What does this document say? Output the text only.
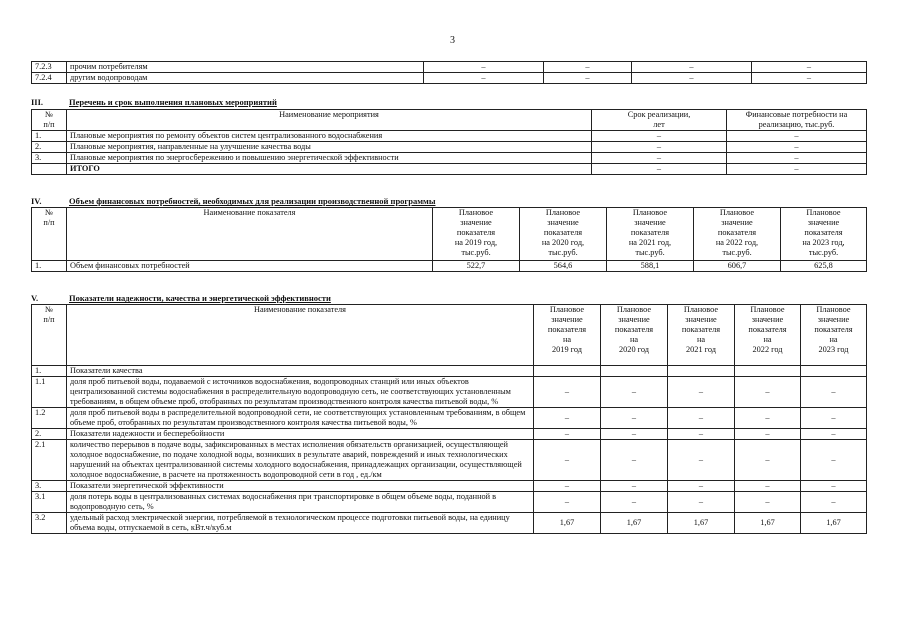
3
7.2.3	прочим потребителям	–	–	–	–
7.2.4	другим водопроводам	–	–	–	–
III.	Перечень и срок выполнения плановых мероприятий
№
п/п	Наименование мероприятия	Срок реализации,
лет	Финансовые потребности на
реализацию, тыс.руб.
1.	Плановые мероприятия по ремонту объектов систем централизованного водоснабжения	–	–
2.	Плановые мероприятия, направленные на улучшение качества воды	–	–
3.	Плановые мероприятия по энергосбережению и повышению энергетической эффективности	–	–
	ИТОГО	–	–
IV.	Объем финансовых потребностей, необходимых для реализации производственной программы
№
п/п	Наименование показателя	Плановое
значение
показателя
на 2019 год,
тыс.руб.	Плановое
значение
показателя
на 2020 год,
тыс.руб.	Плановое
значение
показателя
на 2021 год,
тыс.руб.	Плановое
значение
показателя
на 2022 год,
тыс.руб.	Плановое
значение
показателя
на 2023 год,
тыс.руб.
1.	Объем финансовых потребностей	522,7	564,6	588,1	606,7	625,8
V.	Показатели надежности, качества и энергетической эффективности
№
п/п	Наименование показателя	Плановое
значение
показателя
на
2019 год	Плановое
значение
показателя
на
2020 год	Плановое
значение
показателя
на
2021 год	Плановое
значение
показателя
на
2022 год	Плановое
значение
показателя
на
2023 год
1.	Показатели качества					
1.1	доля проб питьевой воды, подаваемой с источников водоснабжения, водопроводных станций или иных объектов централизованной системы водоснабжения в распределительную водопроводную сеть, не соответствующих установленным требованиям, в общем объеме проб, отобранных по результатам производственного контроля качества питьевой воды, %	–	–	–	–	–
1.2	доля проб питьевой воды в распределительной водопроводной сети, не соответствующих установленным требованиям, в общем объеме проб, отобранных по результатам производственного контроля качества питьевой воды, %	–	–	–	–	–
2.	Показатели надежности и бесперебойности	–	–	–	–	–
2.1	количество перерывов в подаче воды, зафиксированных в местах исполнения обязательств организацией, осуществляющей холодное водоснабжение, по подаче холодной воды, возникших в результате аварий, повреждений и иных технологических нарушений на объектах централизованной системы холодного водоснабжения, принадлежащих организации, осуществляющей холодное водоснабжение, в расчете на протяженность водопроводной сети в год , ед./км	–	–	–	–	–
3.	Показатели энергетической эффективности	–	–	–	–	–
3.1	доля потерь воды в централизованных системах водоснабжения при транспортировке в общем объеме воды, поданной в водопроводную сеть, %	–	–	–	–	–
3.2	удельный расход электрической энергии, потребляемой в технологическом процессе подготовки питьевой воды, на единицу объема воды, отпускаемой в сеть, кВт.ч/куб.м	1,67	1,67	1,67	1,67	1,67
